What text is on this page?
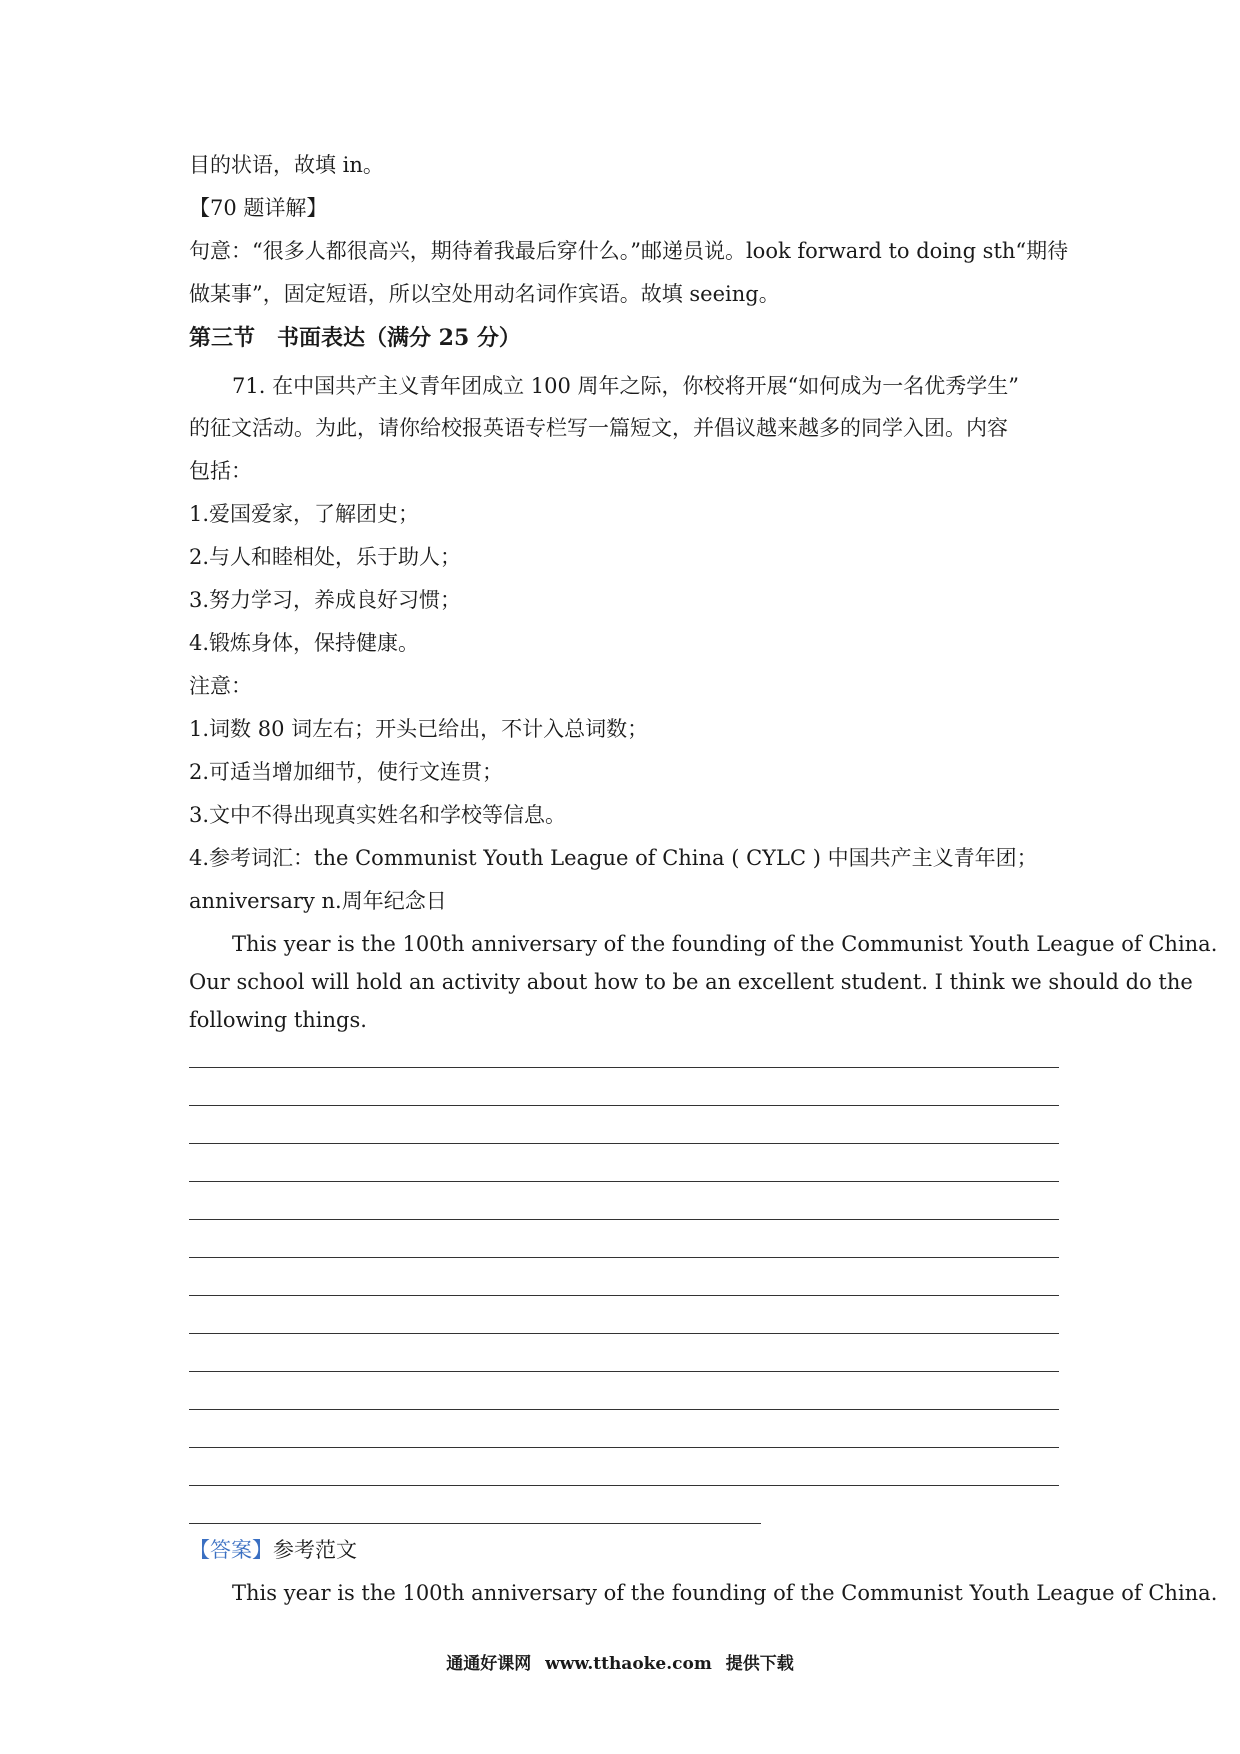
目的状语，故填 in。
【70 题详解】
句意：“很多人都很高兴，期待着我最后穿什么。”邮递员说。look forward to doing sth“期待
做某事”，固定短语，所以空处用动名词作宾语。故填 seeing。
第三节　书面表达（满分 25 分）
71. 在中国共产主义青年团成立 100 周年之际，你校将开展“如何成为一名优秀学生”
的征文活动。为此，请你给校报英语专栏写一篇短文，并倡议越来越多的同学入团。内容
包括：
1.爱国爱家，了解团史；
2.与人和睦相处，乐于助人；
3.努力学习，养成良好习惯；
4.锻炼身体，保持健康。
注意：
1.词数 80 词左右；开头已给出，不计入总词数；
2.可适当增加细节，使行文连贯；
3.文中不得出现真实姓名和学校等信息。
4.参考词汇：the Communist Youth League of China ( CYLC ) 中国共产主义青年团；
anniversary n.周年纪念日
This year is the 100th anniversary of the founding of the Communist Youth League of China.
Our school will hold an activity about how to be an excellent student. I think we should do the
following things.
【答案】参考范文
This year is the 100th anniversary of the founding of the Communist Youth League of China.
通通好课网 www.tthaoke.com 提供下载
